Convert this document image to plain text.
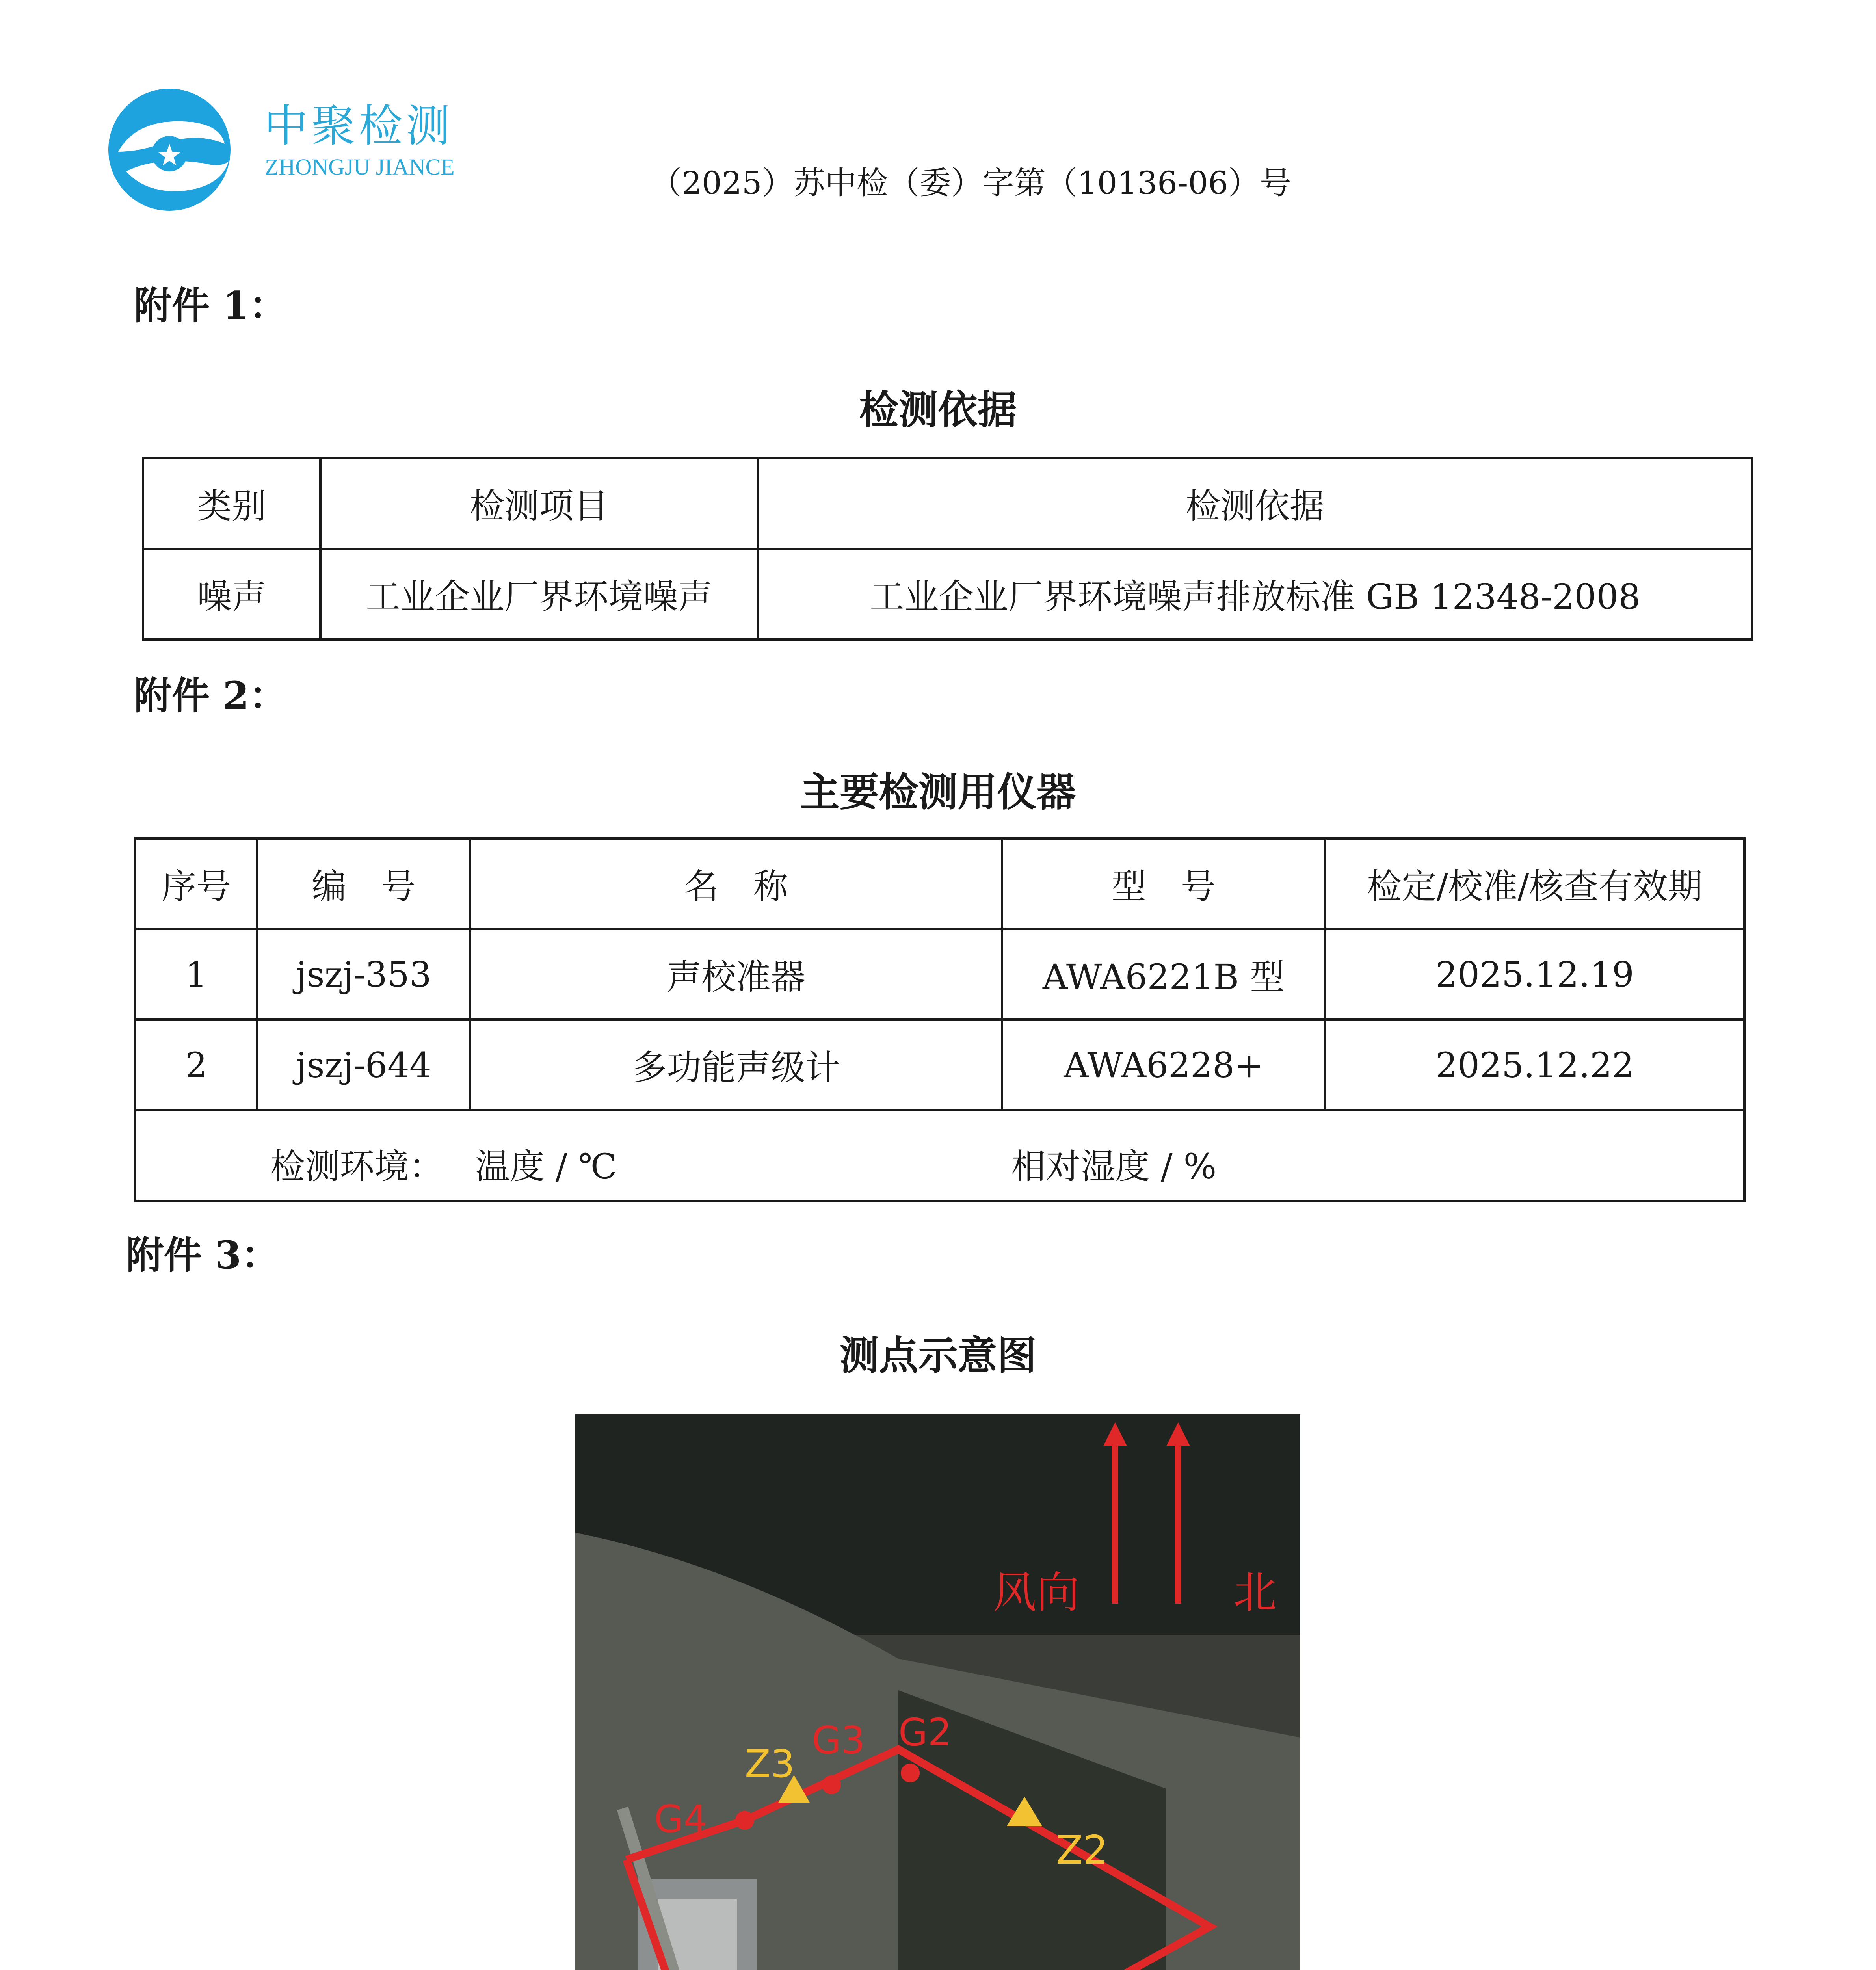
中聚检测
ZHONGJU JIANCE	（2025）苏中检（委）字第（10136-06）号
附件 1：
检测依据
类别	检测项目	检测依据
噪声	工业企业厂界环境噪声	工业企业厂界环境噪声排放标准 GB 12348-2008
附件 2：
主要检测用仪器
序号	编　号	名　称	型　号	检定/校准/核查有效期
1	jszj-353	声校准器	AWA6221B 型	2025.12.19
2	jszj-644	多功能声级计	AWA6228+	2025.12.22

检测环境： 温度 / ℃ 相对湿度 / %				
附件 3：
测点示意图
风向	北
G4
G3 G2
Z3
Z2
